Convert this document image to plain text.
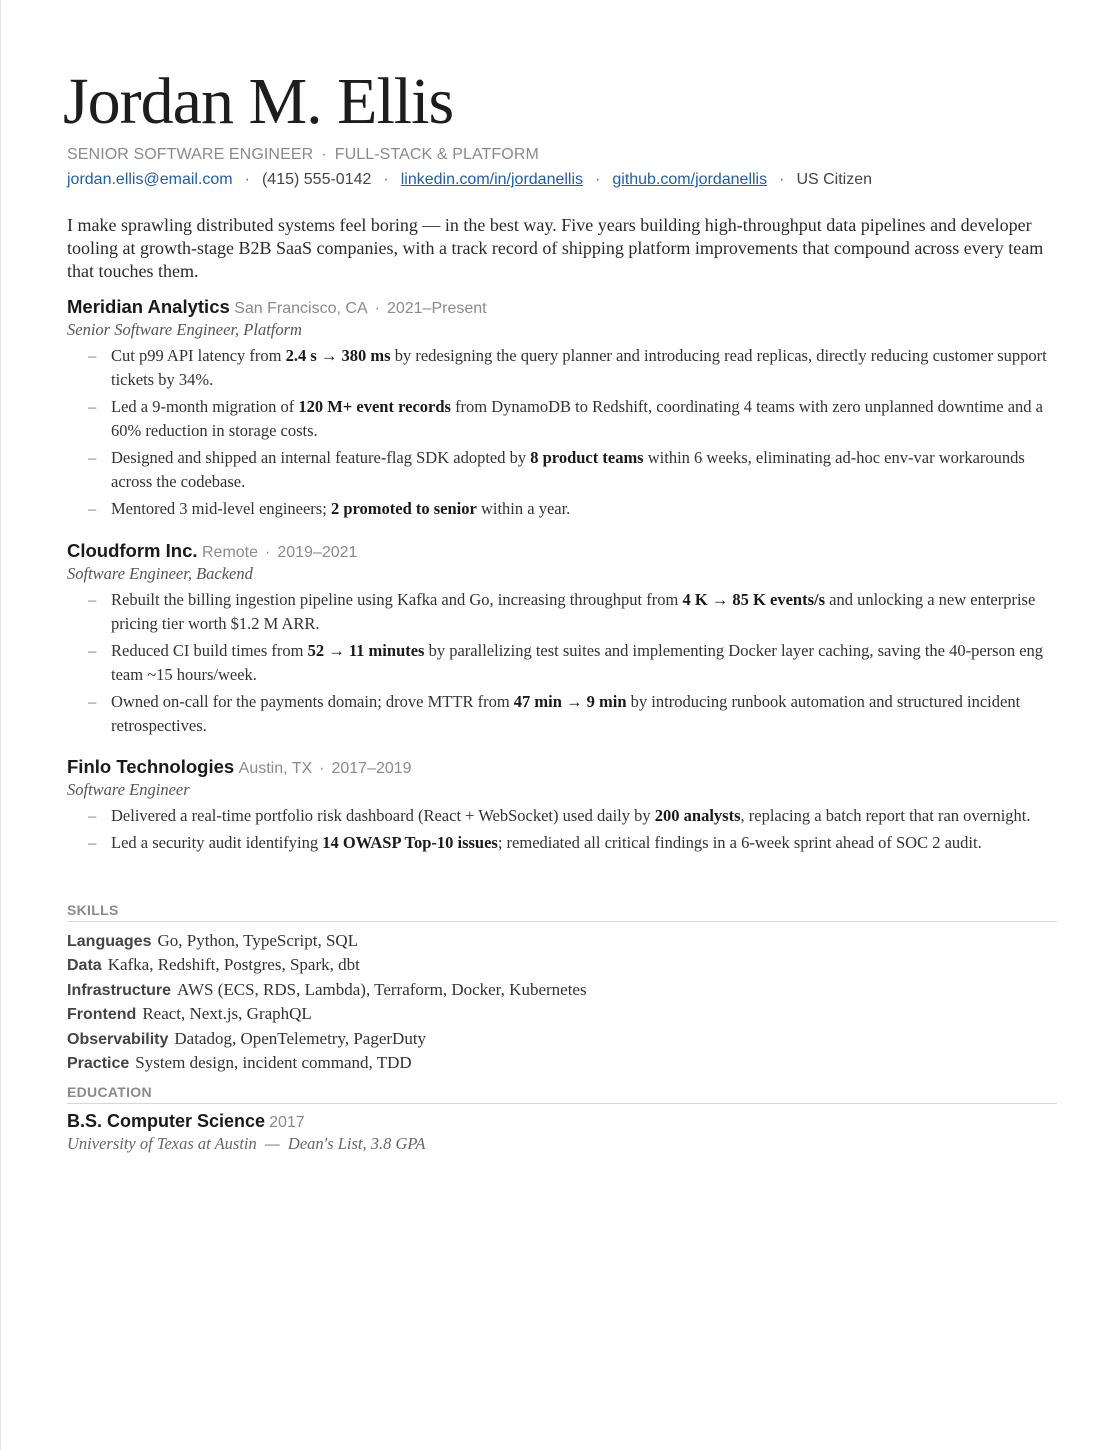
Jordan M. Ellis
SENIOR SOFTWARE ENGINEER · FULL-STACK & PLATFORM
jordan.ellis@email.com · (415) 555-0142 · linkedin.com/in/jordanellis · github.com/jordanellis · US Citizen

I make sprawling distributed systems feel boring — in the best way. Five years building high-throughput data pipelines and developer tooling at growth-stage B2B SaaS companies, with a track record of shipping platform improvements that compound across every team that touches them.

Meridian Analytics San Francisco, CA · 2021–Present
Senior Software Engineer, Platform
– Cut p99 API latency from 2.4 s → 380 ms by redesigning the query planner and introducing read replicas, directly reducing customer support tickets by 34%.
– Led a 9-month migration of 120 M+ event records from DynamoDB to Redshift, coordinating 4 teams with zero unplanned downtime and a 60% reduction in storage costs.
– Designed and shipped an internal feature-flag SDK adopted by 8 product teams within 6 weeks, eliminating ad-hoc env-var workarounds across the codebase.
– Mentored 3 mid-level engineers; 2 promoted to senior within a year.
Cloudform Inc. Remote · 2019–2021
Software Engineer, Backend
– Rebuilt the billing ingestion pipeline using Kafka and Go, increasing throughput from 4 K → 85 K events/s and unlocking a new enterprise pricing tier worth $1.2 M ARR.
– Reduced CI build times from 52 → 11 minutes by parallelizing test suites and implementing Docker layer caching, saving the 40-person eng team ~15 hours/week.
– Owned on-call for the payments domain; drove MTTR from 47 min → 9 min by introducing runbook automation and structured incident retrospectives.
Finlo Technologies Austin, TX · 2017–2019
Software Engineer
– Delivered a real-time portfolio risk dashboard (React + WebSocket) used daily by 200 analysts, replacing a batch report that ran overnight.
– Led a security audit identifying 14 OWASP Top-10 issues; remediated all critical findings in a 6-week sprint ahead of SOC 2 audit.
SKILLS
Languages Go, Python, TypeScript, SQL
Data Kafka, Redshift, Postgres, Spark, dbt
Infrastructure AWS (ECS, RDS, Lambda), Terraform, Docker, Kubernetes
Frontend React, Next.js, GraphQL
Observability Datadog, OpenTelemetry, PagerDuty
Practice System design, incident command, TDD
EDUCATION
B.S. Computer Science 2017
University of Texas at Austin — Dean's List, 3.8 GPA
